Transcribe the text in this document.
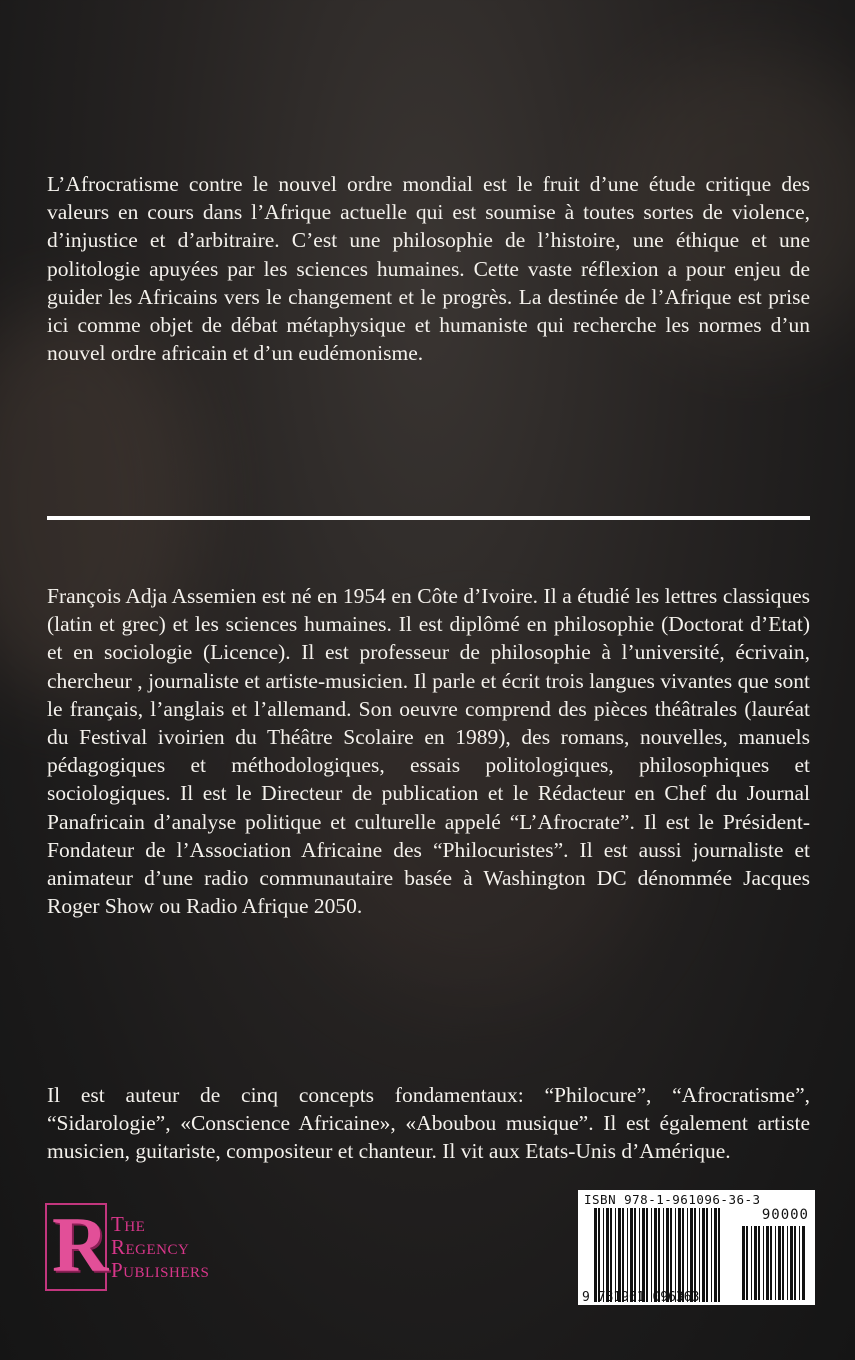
L’Afrocratisme contre le nouvel ordre mondial est le fruit d’une étude critique des valeurs en cours dans l’Afrique actuelle qui est soumise à toutes sortes de violence, d’injustice et d’arbitraire. C’est une philosophie de l’histoire, une éthique et une politologie apuyées par les sciences humaines. Cette vaste réflexion a pour enjeu de guider les Africains vers le changement et le progrès. La destinée de l’Afrique est prise ici comme objet de débat métaphysique et humaniste qui recherche les normes d’un nouvel ordre africain et d’un eudémonisme.

François Adja Assemien est né en 1954 en Côte d’Ivoire. Il a étudié les lettres classiques (latin et grec) et les sciences humaines. Il est diplômé en philosophie (Doctorat d’Etat) et en sociologie (Licence). Il est professeur de philosophie à l’université, écrivain, chercheur , journaliste et artiste-musicien. Il parle et écrit trois langues vivantes que sont le français, l’anglais et l’allemand. Son oeuvre comprend des pièces théâtrales (lauréat du Festival ivoirien du Théâtre Scolaire en 1989), des romans, nouvelles, manuels pédagogiques et méthodologiques, essais politologiques, philosophiques et sociologiques. Il est le Directeur de publication et le Rédacteur en Chef du Journal Panafricain d’analyse politique et culturelle appelé “L’Afrocrate”. Il est le Président-Fondateur de l’Association Africaine des “Philocuristes”. Il est aussi journaliste et animateur d’une radio communautaire basée à Washington DC dénommée Jacques Roger Show ou Radio Afrique 2050.

Il est auteur de cinq concepts fondamentaux: “Philocure”, “Afrocratisme”, “Sidarologie”, «Conscience Africaine», «Aboubou musique”. Il est également artiste musicien, guitariste, compositeur et chanteur. Il vit aux Etats-Unis d’Amérique.

R The
Regency
Publishers
ISBN 978-1-961096-36-3
90000
9 781961 096363
